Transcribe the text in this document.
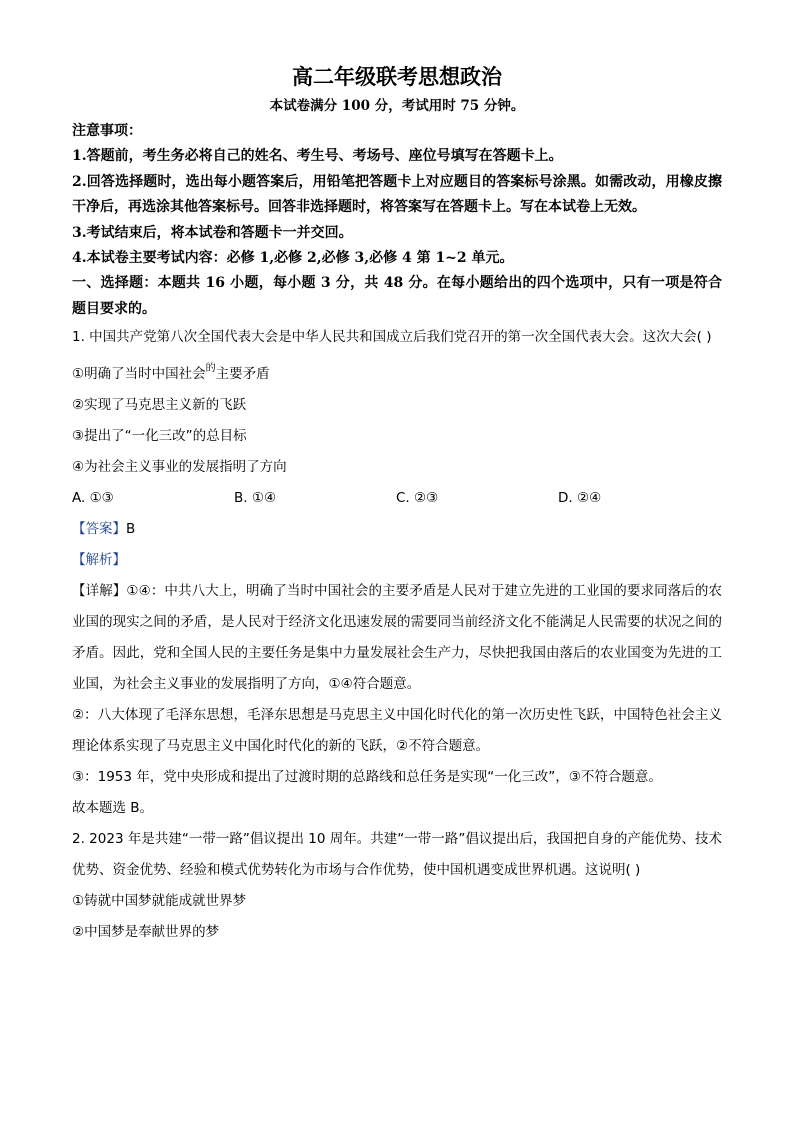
高二年级联考思想政治

本试卷满分 100 分，考试用时 75 分钟。

注意事项：

1.答题前，考生务必将自己的姓名、考生号、考场号、座位号填写在答题卡上。

2.回答选择题时，选出每小题答案后，用铅笔把答题卡上对应题目的答案标号涂黑。如需改动，用橡皮擦干净后，再选涂其他答案标号。回答非选择题时，将答案写在答题卡上。写在本试卷上无效。

3.考试结束后，将本试卷和答题卡一并交回。

4.本试卷主要考试内容：必修 1,必修 2,必修 3,必修 4 第 1~2 单元。

一、选择题：本题共 16 小题，每小题 3 分，共 48 分。在每小题给出的四个选项中，只有一项是符合题目要求的。

1. 中国共产党第八次全国代表大会是中华人民共和国成立后我们党召开的第一次全国代表大会。这次大会( )

①明确了当时中国社会$^的$主要矛盾

②实现了马克思主义新的飞跃

③提出了“一化三改”的总目标

④为社会主义事业的发展指明了方向

A. ①③	B. ①④	C. ②③	D. ②④

【答案】B

【解析】

【详解】①④：中共八大上，明确了当时中国社会的主要矛盾是人民对于建立先进的工业国的要求同落后的农业国的现实之间的矛盾，是人民对于经济文化迅速发展的需要同当前经济文化不能满足人民需要的状况之间的矛盾。因此，党和全国人民的主要任务是集中力量发展社会生产力，尽快把我国由落后的农业国变为先进的工业国，为社会主义事业的发展指明了方向，①④符合题意。

②：八大体现了毛泽东思想，毛泽东思想是马克思主义中国化时代化的第一次历史性飞跃，中国特色社会主义理论体系实现了马克思主义中国化时代化的新的飞跃，②不符合题意。

③：1953 年，党中央形成和提出了过渡时期的总路线和总任务是实现“一化三改”，③不符合题意。

故本题选 B。

2. 2023 年是共建“一带一路”倡议提出 10 周年。共建“一带一路”倡议提出后，我国把自身的产能优势、技术优势、资金优势、经验和模式优势转化为市场与合作优势，使中国机遇变成世界机遇。这说明( )

①铸就中国梦就能成就世界梦

②中国梦是奉献世界的梦
